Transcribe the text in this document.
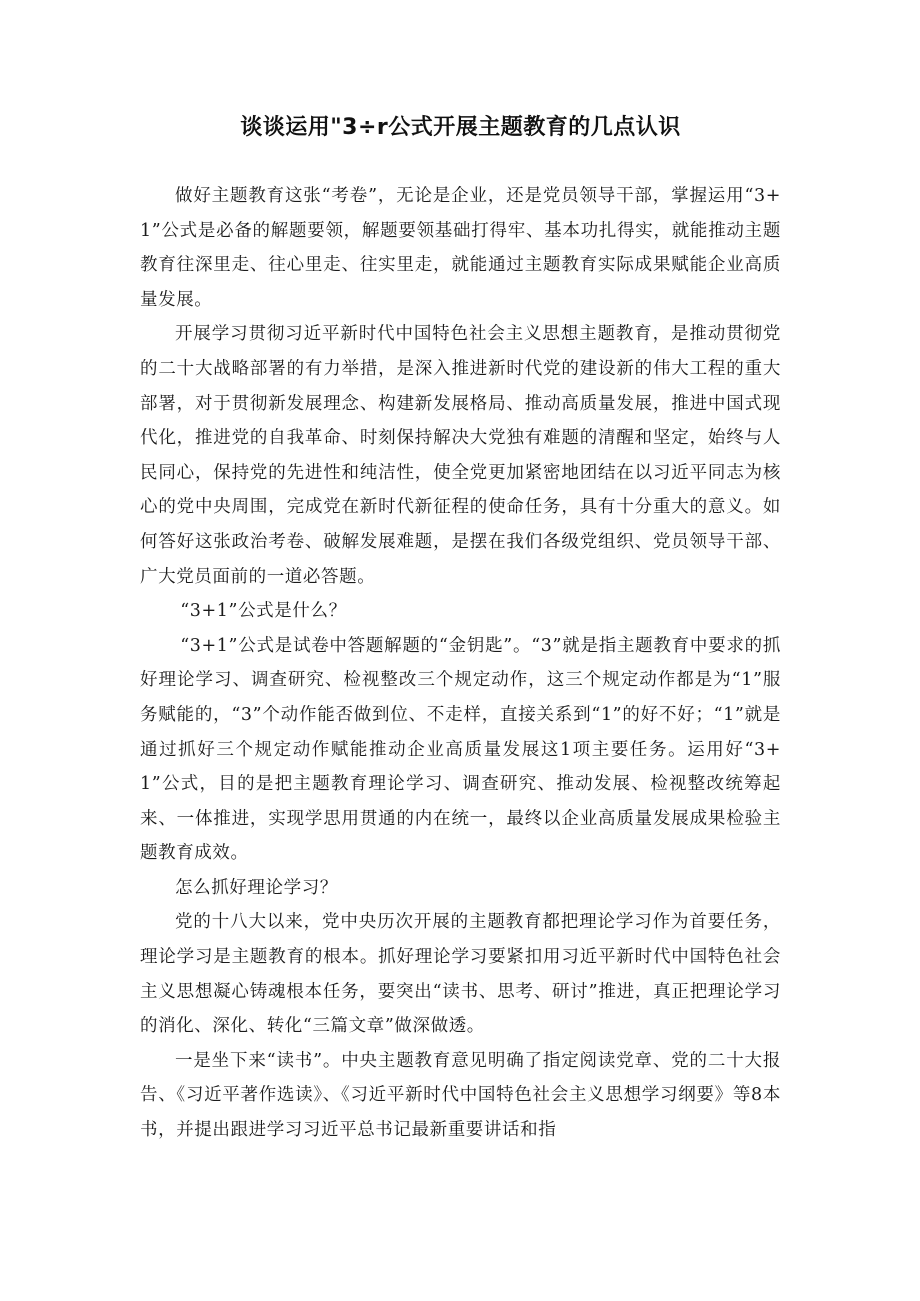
谈谈运用"3÷r公式开展主题教育的几点认识

做好主题教育这张“考卷”，无论是企业，还是党员领导干部，掌握运用“3+1”公式是必备的解题要领，解题要领基础打得牢、基本功扎得实，就能推动主题教育往深里走、往心里走、往实里走，就能通过主题教育实际成果赋能企业高质量发展。

开展学习贯彻习近平新时代中国特色社会主义思想主题教育，是推动贯彻党的二十大战略部署的有力举措，是深入推进新时代党的建设新的伟大工程的重大部署，对于贯彻新发展理念、构建新发展格局、推动高质量发展，推进中国式现代化，推进党的自我革命、时刻保持解决大党独有难题的清醒和坚定，始终与人民同心，保持党的先进性和纯洁性，使全党更加紧密地团结在以习近平同志为核心的党中央周围，完成党在新时代新征程的使命任务，具有十分重大的意义。如何答好这张政治考卷、破解发展难题，是摆在我们各级党组织、党员领导干部、广大党员面前的一道必答题。

“3+1”公式是什么？

“3+1”公式是试卷中答题解题的“金钥匙”。“3”就是指主题教育中要求的抓好理论学习、调查研究、检视整改三个规定动作，这三个规定动作都是为“1”服务赋能的，“3”个动作能否做到位、不走样，直接关系到“1”的好不好；“1”就是通过抓好三个规定动作赋能推动企业高质量发展这1项主要任务。运用好“3+1”公式，目的是把主题教育理论学习、调查研究、推动发展、检视整改统筹起来、一体推进，实现学思用贯通的内在统一，最终以企业高质量发展成果检验主题教育成效。

怎么抓好理论学习？

党的十八大以来，党中央历次开展的主题教育都把理论学习作为首要任务，理论学习是主题教育的根本。抓好理论学习要紧扣用习近平新时代中国特色社会主义思想凝心铸魂根本任务，要突出“读书、思考、研讨”推进，真正把理论学习的消化、深化、转化“三篇文章”做深做透。

一是坐下来“读书”。中央主题教育意见明确了指定阅读党章、党的二十大报告、《习近平著作选读》、《习近平新时代中国特色社会主义思想学习纲要》等8本书，并提出跟进学习习近平总书记最新重要讲话和指
